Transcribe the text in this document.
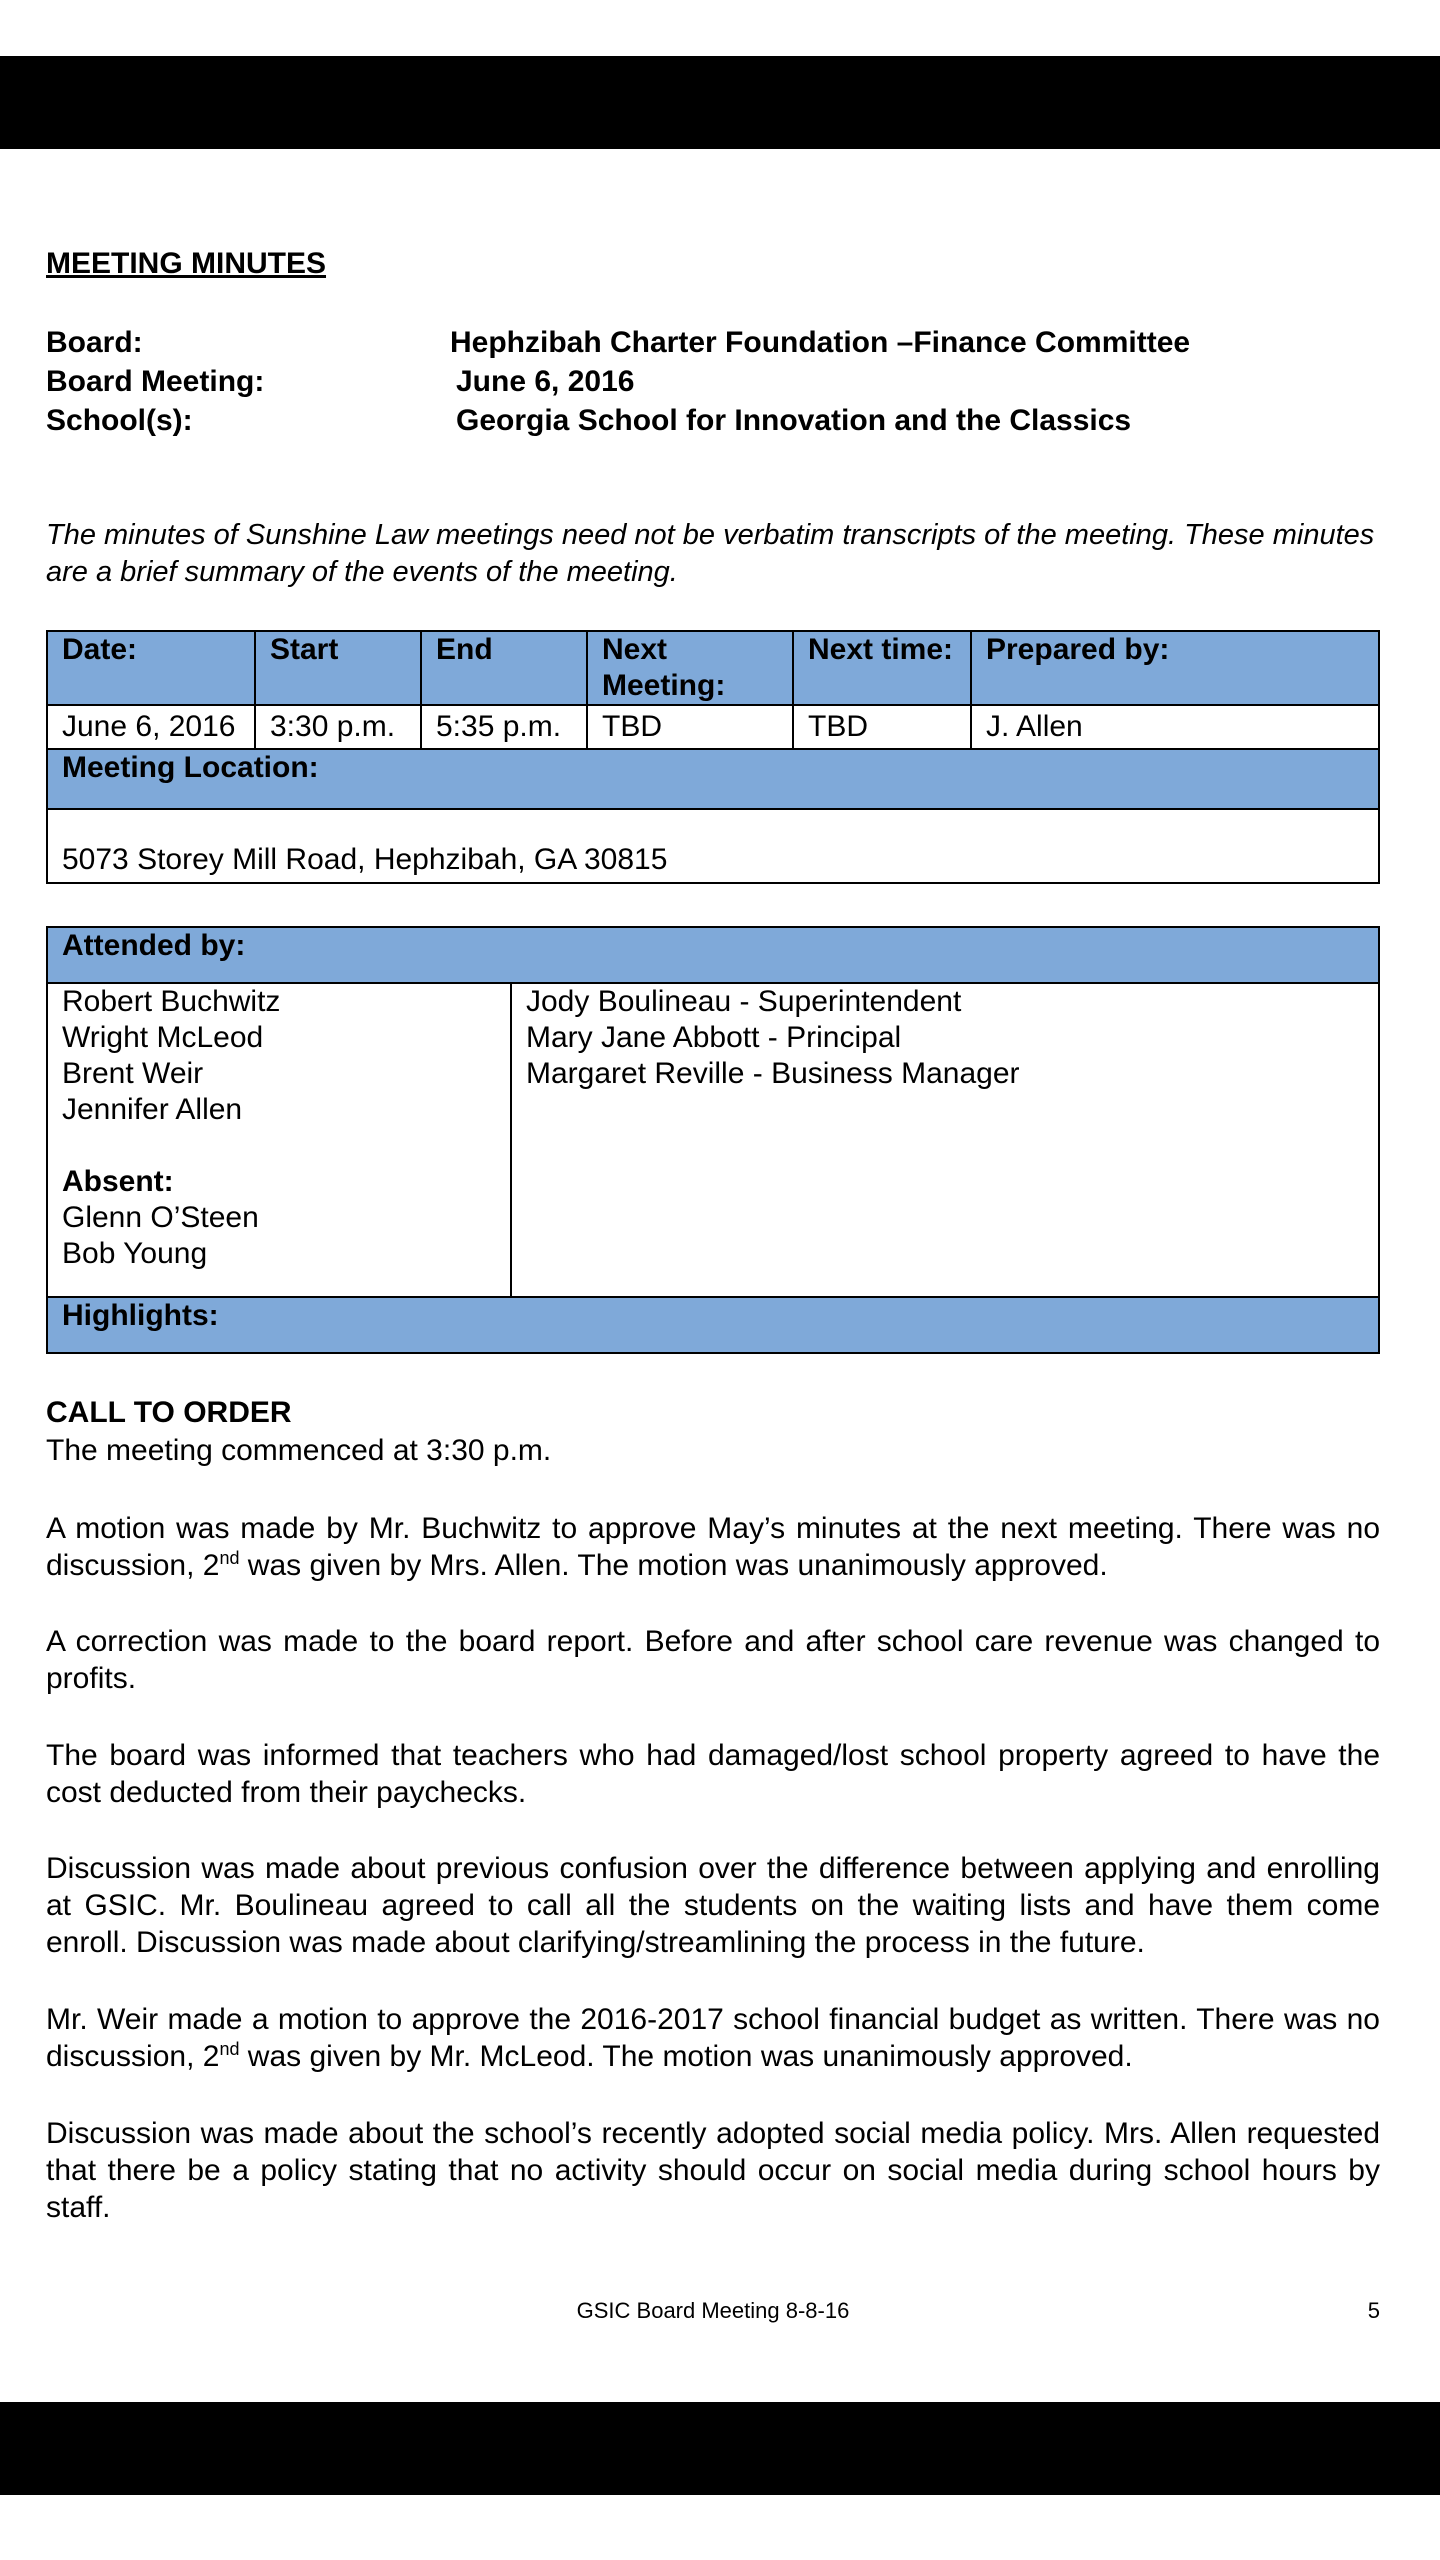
MEETING MINUTES
Board:	Hephzibah Charter Foundation –Finance Committee
Board Meeting:	June 6, 2016
School(s):	Georgia School for Innovation and the Classics
The minutes of Sunshine Law meetings need not be verbatim transcripts of the meeting. These minutes are a brief summary of the events of the meeting.
Date:	Start	End	Next Meeting:	Next time:	Prepared by:
June 6, 2016	3:30 p.m.	5:35 p.m.	TBD	TBD	J. Allen
Meeting Location:					
5073 Storey Mill Road, Hephzibah, GA 30815					
Attended by:

Robert Buchwitz
Wright McLeod
Brent Weir
Jennifer Allen
Absent:
Glenn O’Steen
Bob Young

Jody Boulineau - Superintendent
Mary Jane Abbott - Principal
Margaret Reville - Business Manager

Highlights:
CALL TO ORDER
The meeting commenced at 3:30 p.m.
A motion was made by Mr. Buchwitz to approve May’s minutes at the next meeting. There was no discussion, 2nd was given by Mrs. Allen. The motion was unanimously approved.
A correction was made to the board report. Before and after school care revenue was changed to profits.
The board was informed that teachers who had damaged/lost school property agreed to have the cost deducted from their paychecks.
Discussion was made about previous confusion over the difference between applying and enrolling at GSIC. Mr. Boulineau agreed to call all the students on the waiting lists and have them come enroll. Discussion was made about clarifying/streamlining the process in the future.
Mr. Weir made a motion to approve the 2016-2017 school financial budget as written. There was no discussion, 2nd was given by Mr. McLeod. The motion was unanimously approved.
Discussion was made about the school’s recently adopted social media policy. Mrs. Allen requested that there be a policy stating that no activity should occur on social media during school hours by staff.
GSIC Board Meeting 8-8-16	5
